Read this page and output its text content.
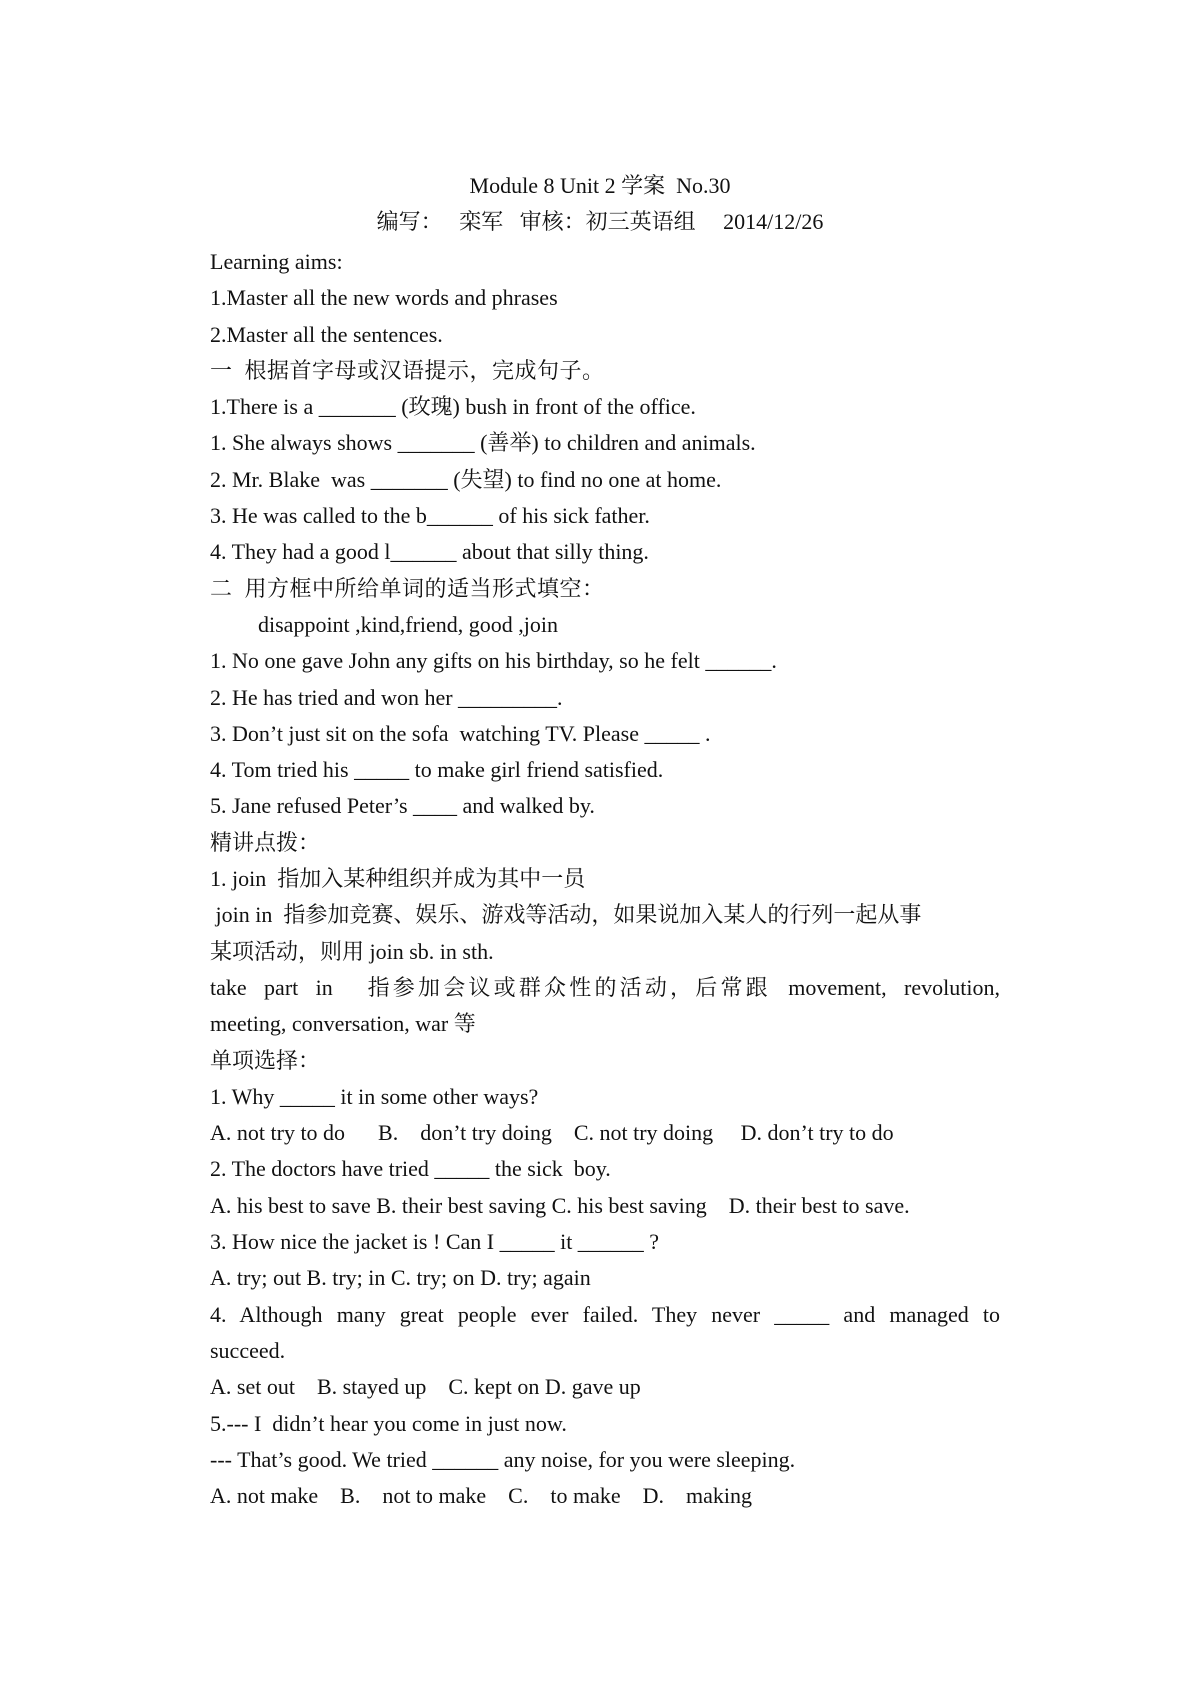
Module 8 Unit 2 学案  No.30
编写：   栾军   审核：初三英语组     2014/12/26
Learning aims:
1.Master all the new words and phrases
2.Master all the sentences.
一  根据首字母或汉语提示，完成句子。
1.There is a _______ (玫瑰) bush in front of the office.
1. She always shows _______ (善举) to children and animals.
2. Mr. Blake  was _______ (失望) to find no one at home.
3. He was called to the b______ of his sick father.
4. They had a good l______ about that silly thing.
二  用方框中所给单词的适当形式填空：
disappoint ,kind,friend, good ,join
1. No one gave John any gifts on his birthday, so he felt ______.
2. He has tried and won her _________.
3. Don’t just sit on the sofa  watching TV. Please _____ .
4. Tom tried his _____ to make girl friend satisfied.
5. Jane refused Peter’s ____ and walked by.
精讲点拨：
1. join  指加入某种组织并成为其中一员
join in  指参加竞赛、娱乐、游戏等活动，如果说加入某人的行列一起从事
某项活动，则用 join sb. in sth.
take  part  in    指参加会议或群众性的活动，后常跟  movement,  revolution,
meeting, conversation, war 等
单项选择：
1. Why _____ it in some other ways?
A. not try to do      B.    don’t try doing    C. not try doing     D. don’t try to do
2. The doctors have tried _____ the sick  boy.
A. his best to save B. their best saving C. his best saving    D. their best to save.
3. How nice the jacket is ! Can I _____ it ______ ?
A. try; out B. try; in C. try; on D. try; again
4. Although many great people ever failed. They never _____ and managed to
succeed.
A. set out    B. stayed up    C. kept on D. gave up
5.--- I  didn’t hear you come in just now.
--- That’s good. We tried ______ any noise, for you were sleeping.
A. not make    B.    not to make    C.    to make    D.    making
